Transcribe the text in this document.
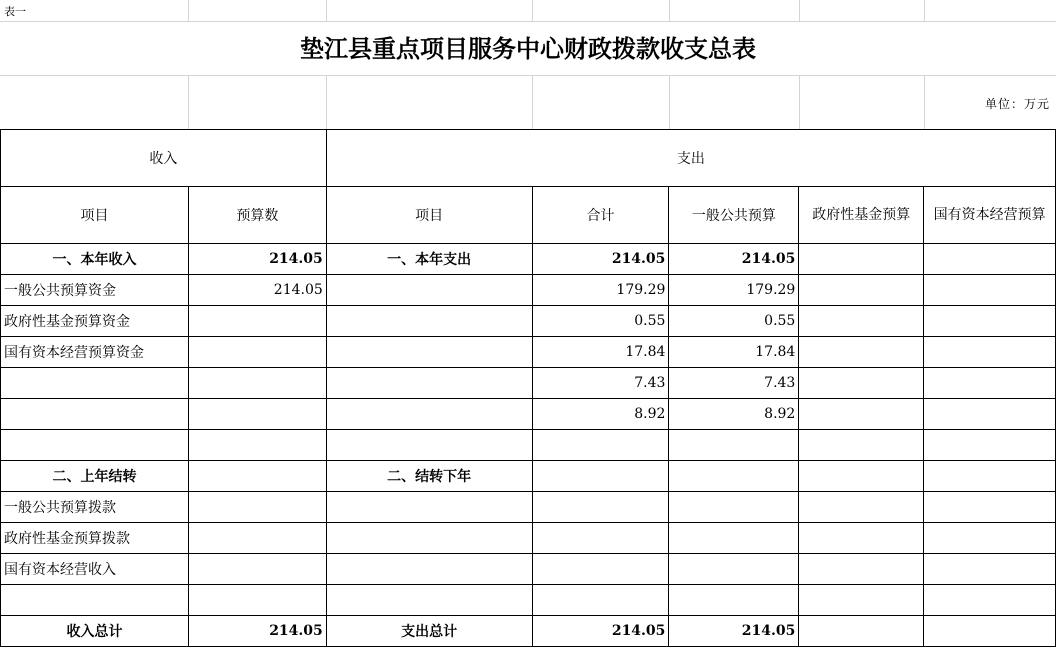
表一
垫江县重点项目服务中心财政拨款收支总表
单位：万元
收入		支出				
项目	预算数	项目	合计	一般公共预算	政府性基金预算	国有资本经营预算
一、本年收入	214.05	一、本年支出	214.05	214.05		
一般公共预算资金	214.05		179.29	179.29		
政府性基金预算资金			0.55	0.55		
国有资本经营预算资金			17.84	17.84		
			7.43	7.43		
			8.92	8.92		

二、上年结转		二、结转下年				
一般公共预算拨款						
政府性基金预算拨款						
国有资本经营收入						

收入总计	214.05	支出总计	214.05	214.05		
